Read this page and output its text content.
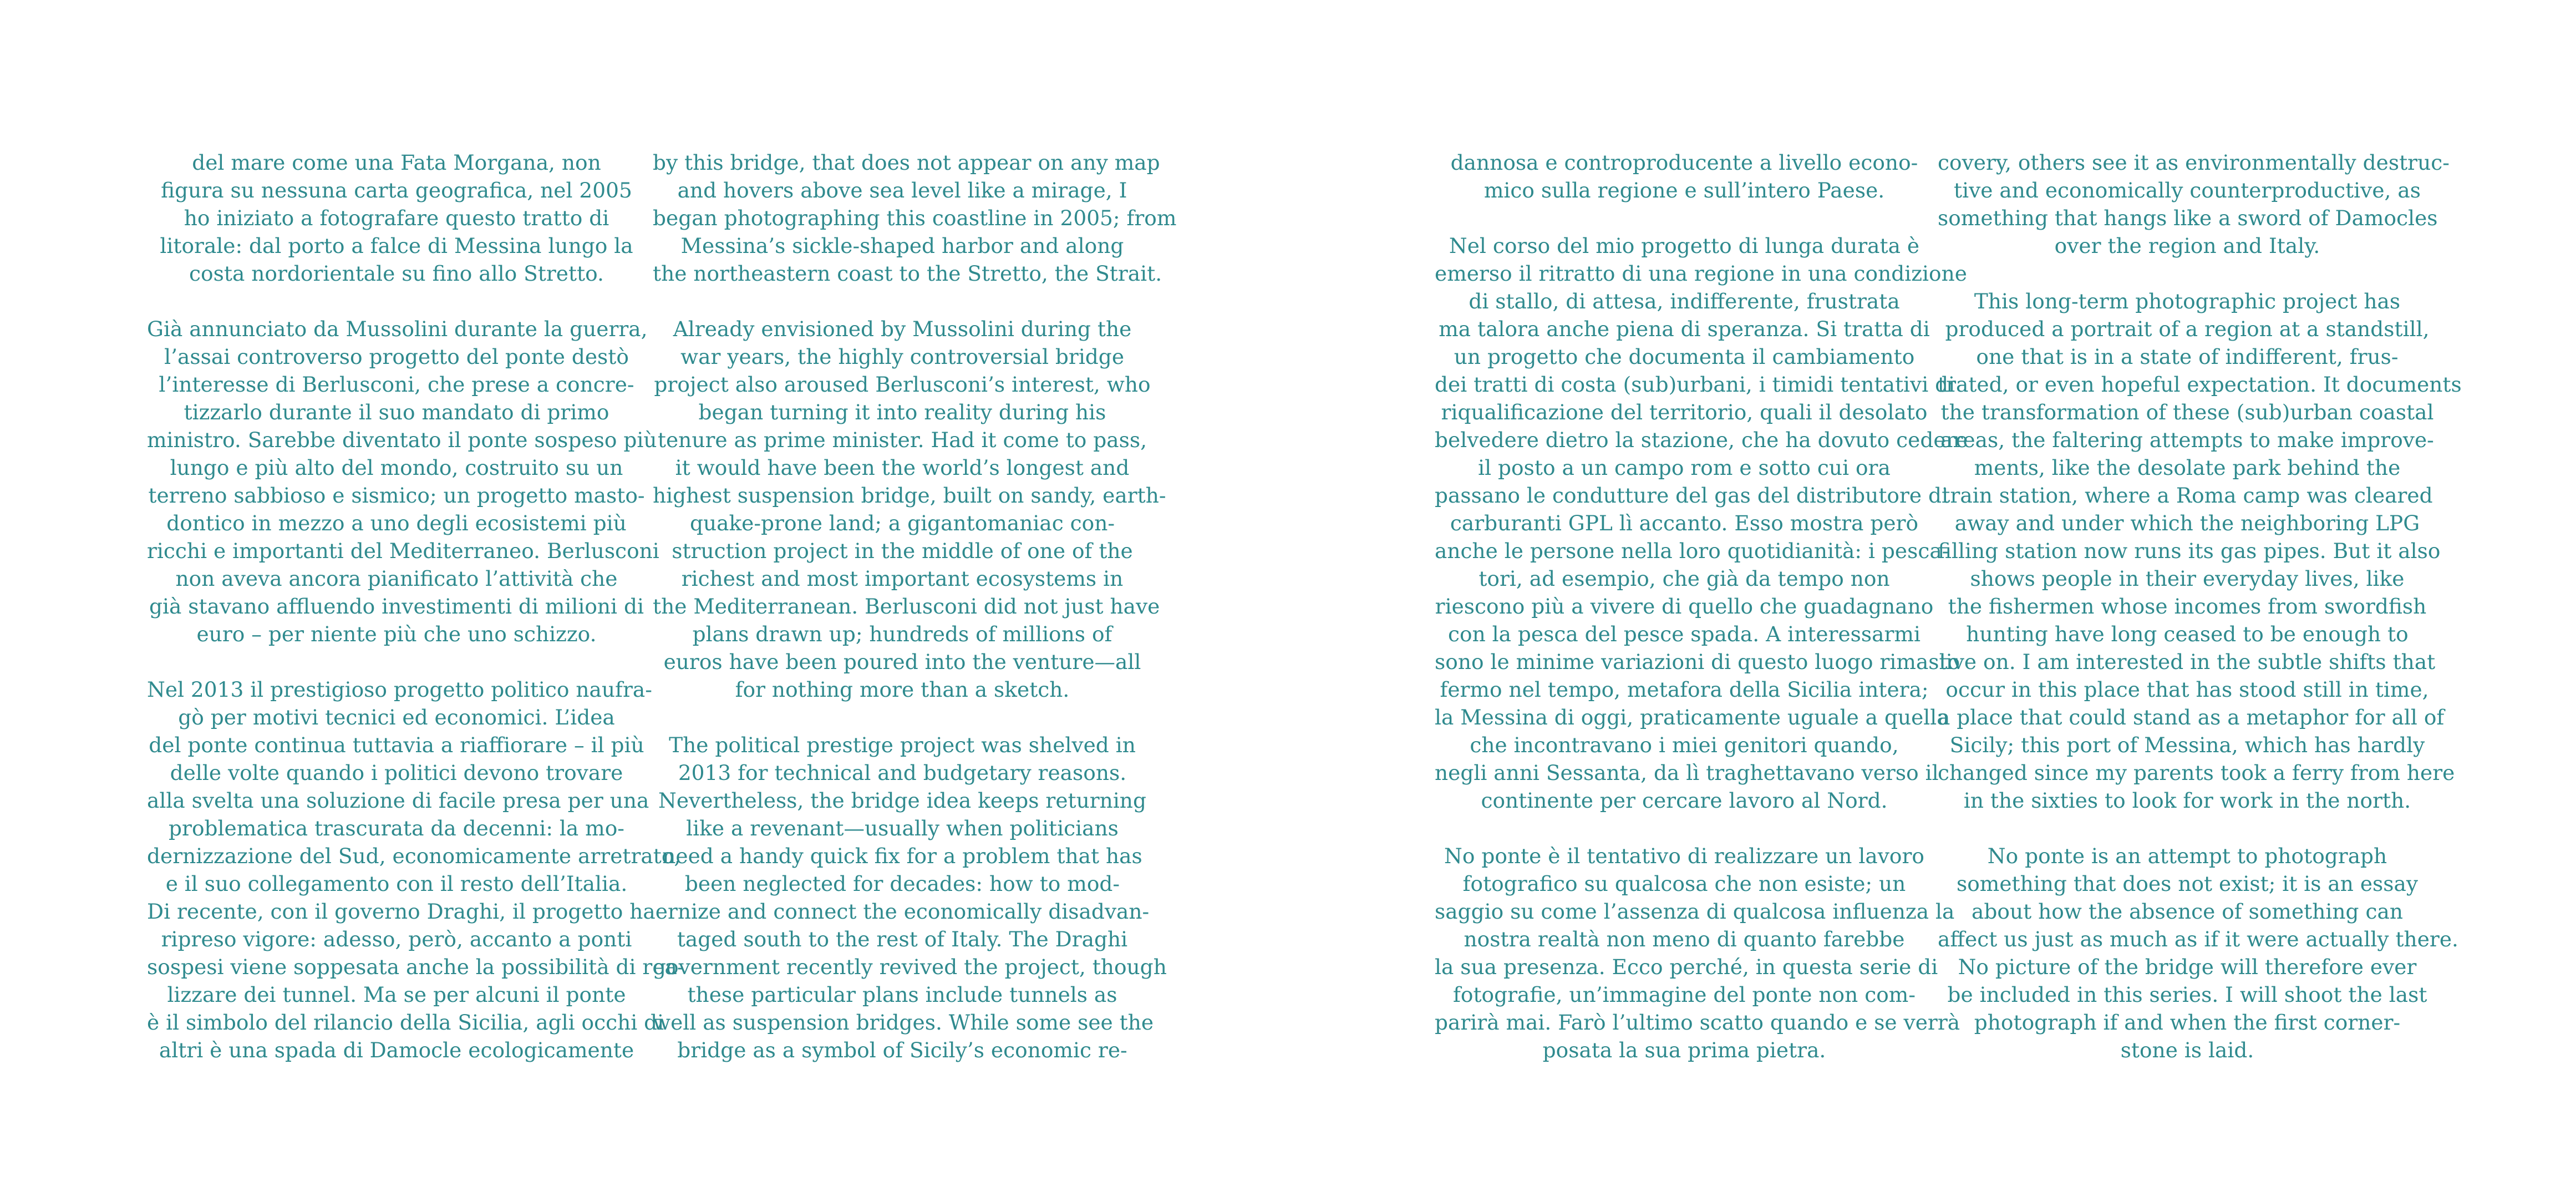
del mare come una Fata Morgana, non
figura su nessuna carta geografica, nel 2005
ho iniziato a fotografare questo tratto di
litorale: dal porto a falce di Messina lungo la
costa nordorientale su fino allo Stretto.
Già annunciato da Mussolini durante la guerra,
l’assai controverso progetto del ponte destò
l’interesse di Berlusconi, che prese a concre-
tizzarlo durante il suo mandato di primo
ministro. Sarebbe diventato il ponte sospeso più
lungo e più alto del mondo, costruito su un
terreno sabbioso e sismico; un progetto masto-
dontico in mezzo a uno degli ecosistemi più
ricchi e importanti del Mediterraneo. Berlusconi
non aveva ancora pianificato l’attività che
già stavano affluendo investimenti di milioni di
euro – per niente più che uno schizzo.
Nel 2013 il prestigioso progetto politico naufra-
gò per motivi tecnici ed economici. L’idea
del ponte continua tuttavia a riaffiorare – il più
delle volte quando i politici devono trovare
alla svelta una soluzione di facile presa per una
problematica trascurata da decenni: la mo-
dernizzazione del Sud, economicamente arretrato,
e il suo collegamento con il resto dell’Italia.
Di recente, con il governo Draghi, il progetto ha
ripreso vigore: adesso, però, accanto a ponti
sospesi viene soppesata anche la possibilità di rea-
lizzare dei tunnel. Ma se per alcuni il ponte
è il simbolo del rilancio della Sicilia, agli occhi di
altri è una spada di Damocle ecologicamente
by this bridge, that does not appear on any map
and hovers above sea level like a mirage, I
began photographing this coastline in 2005; from
Messina’s sickle-shaped harbor and along
the northeastern coast to the Stretto, the Strait.
Already envisioned by Mussolini during the
war years, the highly controversial bridge
project also aroused Berlusconi’s interest, who
began turning it into reality during his
tenure as prime minister. Had it come to pass,
it would have been the world’s longest and
highest suspension bridge, built on sandy, earth-
quake-prone land; a gigantomaniac con-
struction project in the middle of one of the
richest and most important ecosystems in
the Mediterranean. Berlusconi did not just have
plans drawn up; hundreds of millions of
euros have been poured into the venture—all
for nothing more than a sketch.
The political prestige project was shelved in
2013 for technical and budgetary reasons.
Nevertheless, the bridge idea keeps returning
like a revenant—usually when politicians
need a handy quick fix for a problem that has
been neglected for decades: how to mod-
ernize and connect the economically disadvan-
taged south to the rest of Italy. The Draghi
government recently revived the project, though
these particular plans include tunnels as
well as suspension bridges. While some see the
bridge as a symbol of Sicily’s economic re-
dannosa e controproducente a livello econo-
mico sulla regione e sull’intero Paese.
Nel corso del mio progetto di lunga durata è
emerso il ritratto di una regione in una condizione
di stallo, di attesa, indifferente, frustrata
ma talora anche piena di speranza. Si tratta di
un progetto che documenta il cambiamento
dei tratti di costa (sub)urbani, i timidi tentativi di
riqualificazione del territorio, quali il desolato
belvedere dietro la stazione, che ha dovuto cedere
il posto a un campo rom e sotto cui ora
passano le condutture del gas del distributore di
carburanti GPL lì accanto. Esso mostra però
anche le persone nella loro quotidianità: i pesca-
tori, ad esempio, che già da tempo non
riescono più a vivere di quello che guadagnano
con la pesca del pesce spada. A interessarmi
sono le minime variazioni di questo luogo rimasto
fermo nel tempo, metafora della Sicilia intera;
la Messina di oggi, praticamente uguale a quella
che incontravano i miei genitori quando,
negli anni Sessanta, da lì traghettavano verso il
continente per cercare lavoro al Nord.
No ponte è il tentativo di realizzare un lavoro
fotografico su qualcosa che non esiste; un
saggio su come l’assenza di qualcosa influenza la
nostra realtà non meno di quanto farebbe
la sua presenza. Ecco perché, in questa serie di
fotografie, un’immagine del ponte non com-
parirà mai. Farò l’ultimo scatto quando e se verrà
posata la sua prima pietra.
covery, others see it as environmentally destruc-
tive and economically counterproductive, as
something that hangs like a sword of Damocles
over the region and Italy.
This long-term photographic project has
produced a portrait of a region at a standstill,
one that is in a state of indifferent, frus-
trated, or even hopeful expectation. It documents
the transformation of these (sub)urban coastal
areas, the faltering attempts to make improve-
ments, like the desolate park behind the
train station, where a Roma camp was cleared
away and under which the neighboring LPG
filling station now runs its gas pipes. But it also
shows people in their everyday lives, like
the fishermen whose incomes from swordfish
hunting have long ceased to be enough to
live on. I am interested in the subtle shifts that
occur in this place that has stood still in time,
a place that could stand as a metaphor for all of
Sicily; this port of Messina, which has hardly
changed since my parents took a ferry from here
in the sixties to look for work in the north.
No ponte is an attempt to photograph
something that does not exist; it is an essay
about how the absence of something can
affect us just as much as if it were actually there.
No picture of the bridge will therefore ever
be included in this series. I will shoot the last
photograph if and when the first corner-
stone is laid.
